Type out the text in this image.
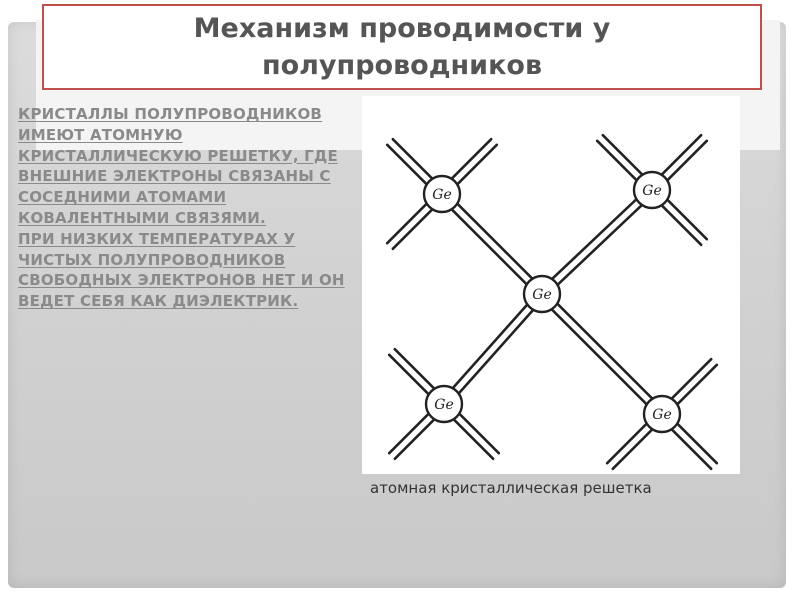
Механизм проводимости у полупроводников

КРИСТАЛЛЫ ПОЛУПРОВОДНИКОВ ИМЕЮТ АТОМНУЮ КРИСТАЛЛИЧЕСКУЮ РЕШЕТКУ, ГДЕ ВНЕШНИЕ ЭЛЕКТРОНЫ СВЯЗАНЫ С СОСЕДНИМИ АТОМАМИ КОВАЛЕНТНЫМИ СВЯЗЯМИ.

ПРИ НИЗКИХ ТЕМПЕРАТУРАХ У ЧИСТЫХ ПОЛУПРОВОДНИКОВ СВОБОДНЫХ ЭЛЕКТРОНОВ НЕТ И ОН ВЕДЕТ СЕБЯ КАК ДИЭЛЕКТРИК.

Ge	Ge
Ge
Ge
Ge
атомная кристаллическая решетка
